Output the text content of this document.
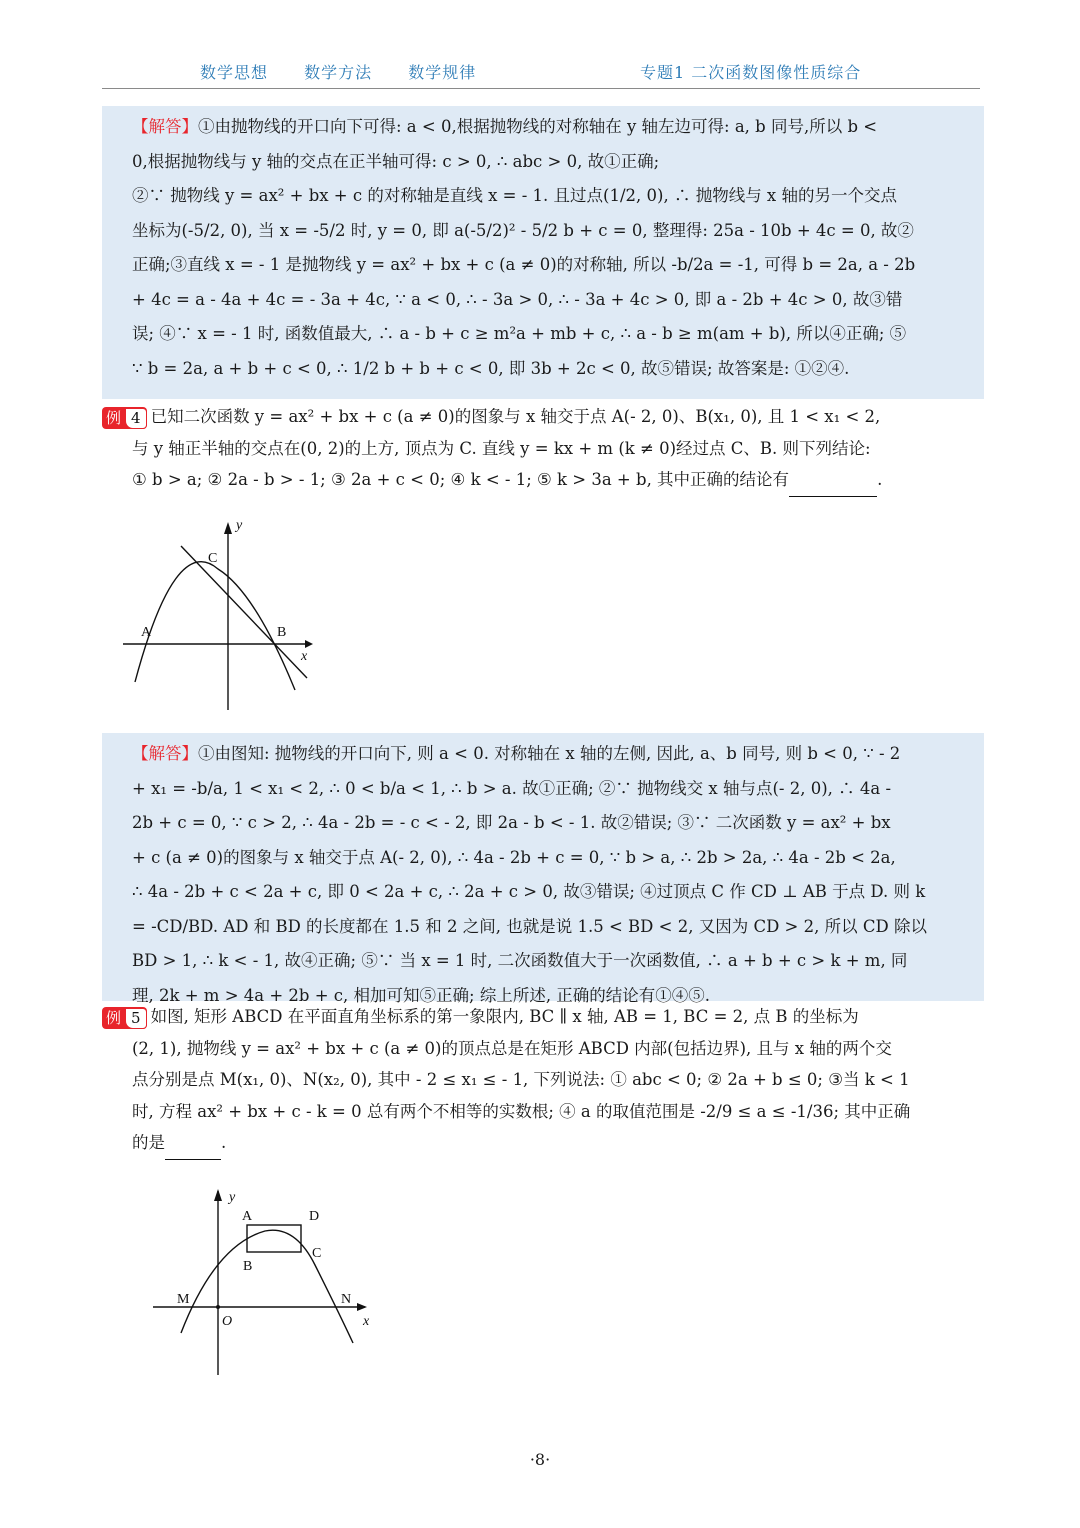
数学思想 数学方法 数学规律	专题1 二次函数图像性质综合
【解答】①由抛物线的开口向下可得: a < 0,根据抛物线的对称轴在 y 轴左边可得: a, b 同号,所以 b <
0,根据抛物线与 y 轴的交点在正半轴可得: c > 0, ∴ abc > 0, 故①正确;
②∵ 抛物线 y = ax² + bx + c 的对称轴是直线 x = - 1. 且过点(1/2, 0), ∴ 抛物线与 x 轴的另一个交点
坐标为(-5/2, 0), 当 x = -5/2 时, y = 0, 即 a(-5/2)² - 5/2 b + c = 0, 整理得: 25a - 10b + 4c = 0, 故②
正确;③直线 x = - 1 是抛物线 y = ax² + bx + c (a ≠ 0)的对称轴, 所以 -b/2a = -1, 可得 b = 2a, a - 2b
+ 4c = a - 4a + 4c = - 3a + 4c, ∵ a < 0, ∴ - 3a > 0, ∴ - 3a + 4c > 0, 即 a - 2b + 4c > 0, 故③错
误; ④∵ x = - 1 时, 函数值最大, ∴ a - b + c ≥ m²a + mb + c, ∴ a - b ≥ m(am + b), 所以④正确; ⑤
∵ b = 2a, a + b + c < 0, ∴ 1/2 b + b + c < 0, 即 3b + 2c < 0, 故⑤错误; 故答案是: ①②④.
例 4 已知二次函数 y = ax² + bx + c (a ≠ 0)的图象与 x 轴交于点 A(- 2, 0)、B(x₁, 0), 且 1 < x₁ < 2,
与 y 轴正半轴的交点在(0, 2)的上方, 顶点为 C. 直线 y = kx + m (k ≠ 0)经过点 C、B. 则下列结论:
① b > a; ② 2a - b > - 1; ③ 2a + c < 0; ④ k < - 1; ⑤ k > 3a + b, 其中正确的结论有	.
y
C
A	B
x
【解答】①由图知: 抛物线的开口向下, 则 a < 0. 对称轴在 x 轴的左侧, 因此, a、b 同号, 则 b < 0, ∵ - 2
+ x₁ = -b/a, 1 < x₁ < 2, ∴ 0 < b/a < 1, ∴ b > a. 故①正确; ②∵ 抛物线交 x 轴与点(- 2, 0), ∴ 4a -
2b + c = 0, ∵ c > 2, ∴ 4a - 2b = - c < - 2, 即 2a - b < - 1. 故②错误; ③∵ 二次函数 y = ax² + bx
+ c (a ≠ 0)的图象与 x 轴交于点 A(- 2, 0), ∴ 4a - 2b + c = 0, ∵ b > a, ∴ 2b > 2a, ∴ 4a - 2b < 2a,
∴ 4a - 2b + c < 2a + c, 即 0 < 2a + c, ∴ 2a + c > 0, 故③错误; ④过顶点 C 作 CD ⊥ AB 于点 D. 则 k
= -CD/BD. AD 和 BD 的长度都在 1.5 和 2 之间, 也就是说 1.5 < BD < 2, 又因为 CD > 2, 所以 CD 除以
BD > 1, ∴ k < - 1, 故④正确; ⑤∵ 当 x = 1 时, 二次函数值大于一次函数值, ∴ a + b + c > k + m, 同
理, 2k + m > 4a + 2b + c, 相加可知⑤正确; 综上所述, 正确的结论有①④⑤.
例 5 如图, 矩形 ABCD 在平面直角坐标系的第一象限内, BC ∥ x 轴, AB = 1, BC = 2, 点 B 的坐标为
(2, 1), 抛物线 y = ax² + bx + c (a ≠ 0)的顶点总是在矩形 ABCD 内部(包括边界), 且与 x 轴的两个交
点分别是点 M(x₁, 0)、N(x₂, 0), 其中 - 2 ≤ x₁ ≤ - 1, 下列说法: ① abc < 0; ② 2a + b ≤ 0; ③当 k < 1
时, 方程 ax² + bx + c - k = 0 总有两个不相等的实数根; ④ a 的取值范围是 -2/9 ≤ a ≤ -1/36; 其中正确
的是	.
y
A	D
B
C
M	N
O	x
·8·
